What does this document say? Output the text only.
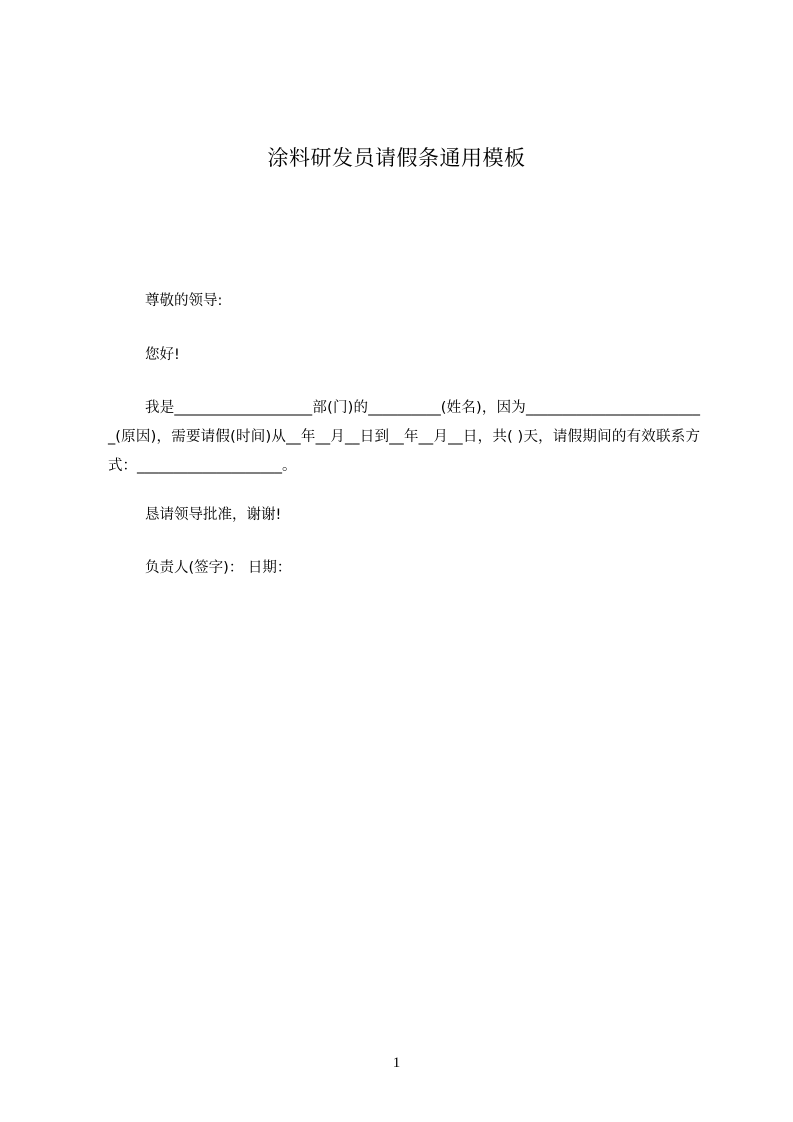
涂料研发员请假条通用模板
尊敬的领导:
您好!
我是___________________部(门)的__________(姓名)，因为_________________________(原因)，需要请假(时间)从__年__月__日到__年__月__日，共( )天，请假期间的有效联系方式：____________________。
恳请领导批准，谢谢!
负责人(签字)： 日期：
1
